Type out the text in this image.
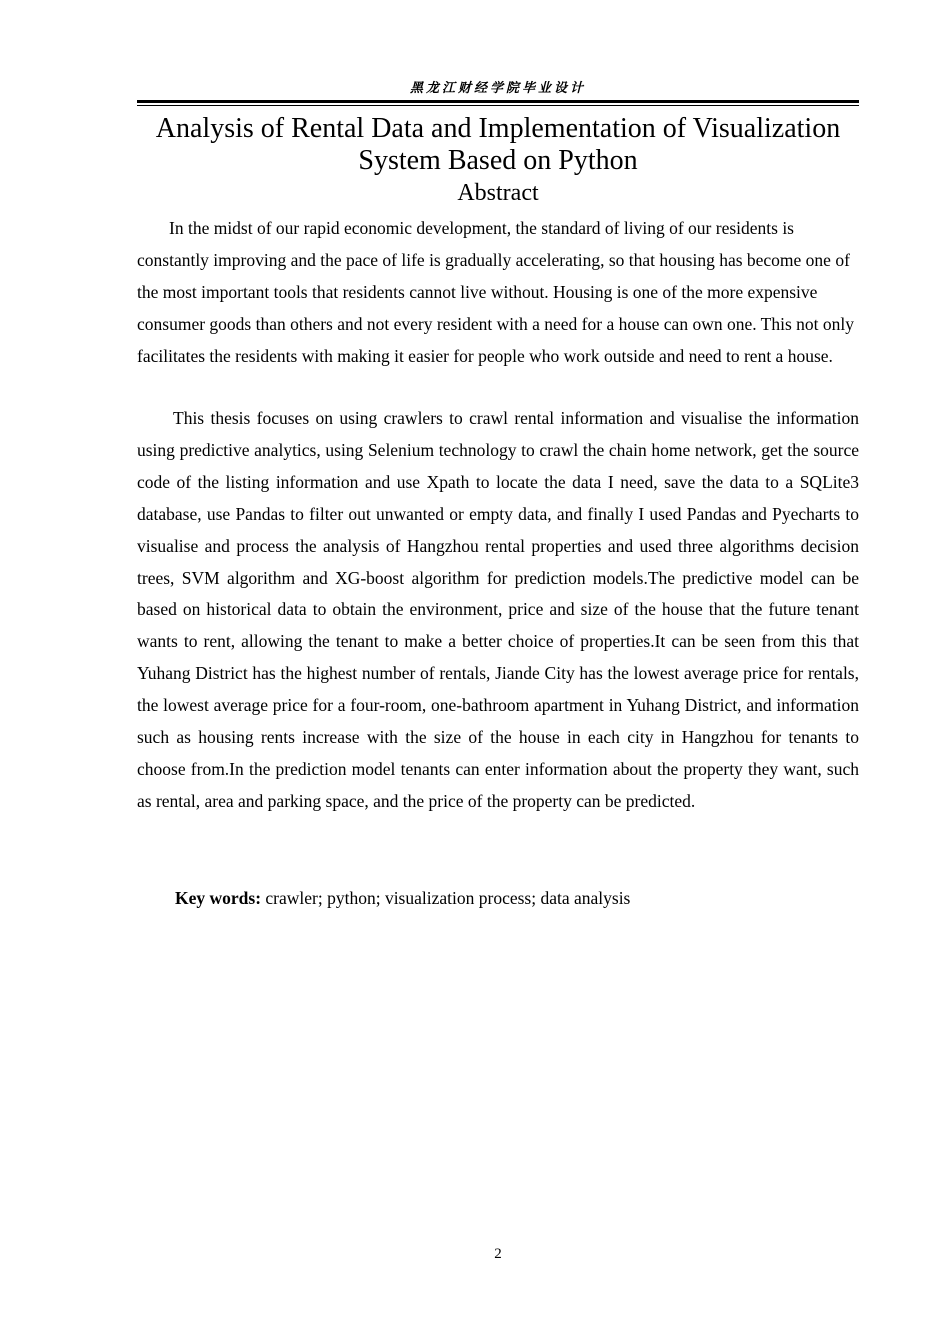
黑龙江财经学院毕业设计
Analysis of Rental Data and Implementation of Visualization System Based on Python
Abstract

In the midst of our rapid economic development, the standard of living of our residents is constantly improving and the pace of life is gradually accelerating, so that housing has become one of the most important tools that residents cannot live without. Housing is one of the more expensive consumer goods than others and not every resident with a need for a house can own one. This not only facilitates the residents with making it easier for people who work outside and need to rent a house.

This thesis focuses on using crawlers to crawl rental information and visualise the information using predictive analytics, using Selenium technology to crawl the chain home network, get the source code of the listing information and use Xpath to locate the data I need, save the data to a SQLite3 database, use Pandas to filter out unwanted or empty data, and finally I used Pandas and Pyecharts to visualise and process the analysis of Hangzhou rental properties and used three algorithms decision trees, SVM algorithm and XG-boost algorithm for prediction models.The predictive model can be based on historical data to obtain the environment, price and size of the house that the future tenant wants to rent, allowing the tenant to make a better choice of properties.It can be seen from this that Yuhang District has the highest number of rentals, Jiande City has the lowest average price for rentals, the lowest average price for a four-room, one-bathroom apartment in Yuhang District, and information such as housing rents increase with the size of the house in each city in Hangzhou for tenants to choose from.In the prediction model tenants can enter information about the property they want, such as rental, area and parking space, and the price of the property can be predicted.

Key words: crawler; python; visualization process; data analysis

2
